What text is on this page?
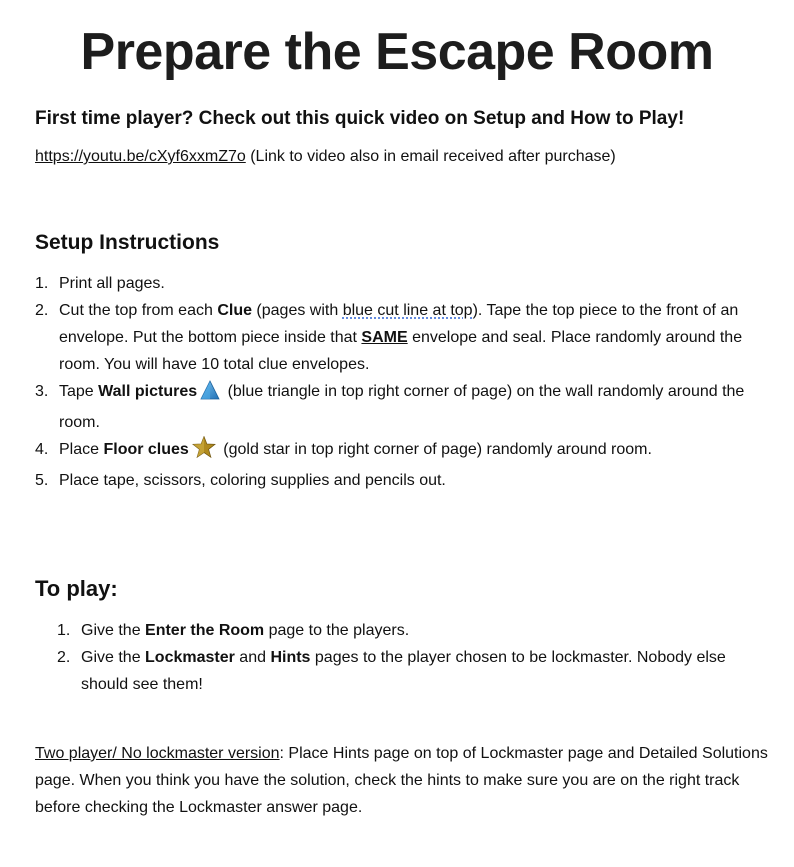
Prepare the Escape Room
First time player? Check out this quick video on Setup and How to Play!
https://youtu.be/cXyf6xxmZ7o (Link to video also in email received after purchase)
Setup Instructions
1. Print all pages.
2. Cut the top from each Clue (pages with blue cut line at top). Tape the top piece to the front of an envelope. Put the bottom piece inside that SAME envelope and seal. Place randomly around the room. You will have 10 total clue envelopes.
3. Tape Wall pictures (blue triangle in top right corner of page) on the wall randomly around the room.
4. Place Floor clues (gold star in top right corner of page) randomly around room.
5. Place tape, scissors, coloring supplies and pencils out.
To play:
1. Give the Enter the Room page to the players.
2. Give the Lockmaster and Hints pages to the player chosen to be lockmaster. Nobody else should see them!
Two player/ No lockmaster version: Place Hints page on top of Lockmaster page and Detailed Solutions page. When you think you have the solution, check the hints to make sure you are on the right track before checking the Lockmaster answer page.
